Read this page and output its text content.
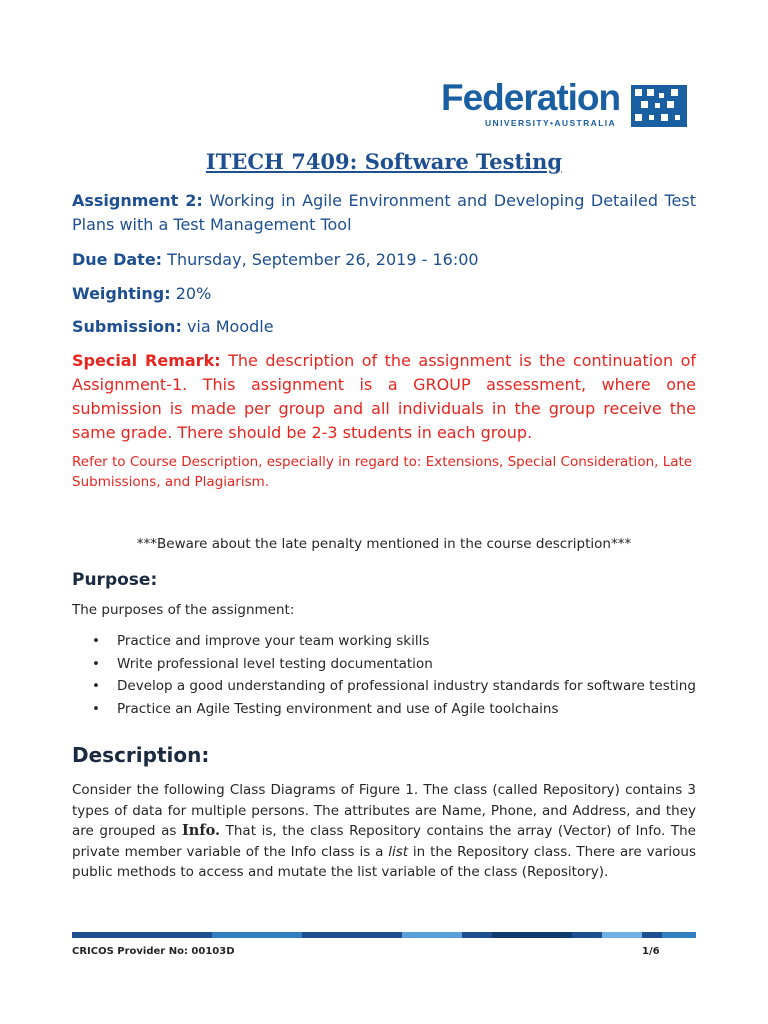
Federation
UNIVERSITY•AUSTRALIA
ITECH 7409: Software Testing
Assignment 2: Working in Agile Environment and Developing Detailed Test Plans with a Test Management Tool
Due Date: Thursday, September 26, 2019 - 16:00
Weighting: 20%
Submission: via Moodle
Special Remark: The description of the assignment is the continuation of Assignment-1. This assignment is a GROUP assessment, where one submission is made per group and all individuals in the group receive the same grade. There should be 2-3 students in each group.
Refer to Course Description, especially in regard to: Extensions, Special Consideration, Late Submissions, and Plagiarism.
***Beware about the late penalty mentioned in the course description***
Purpose:
The purposes of the assignment:
• Practice and improve your team working skills
• Write professional level testing documentation
• Develop a good understanding of professional industry standards for software testing
• Practice an Agile Testing environment and use of Agile toolchains
Description:
Consider the following Class Diagrams of Figure 1. The class (called Repository) contains 3 types of data for multiple persons. The attributes are Name, Phone, and Address, and they are grouped as Info. That is, the class Repository contains the array (Vector) of Info. The private member variable of the Info class is a list in the Repository class. There are various public methods to access and mutate the list variable of the class (Repository).
CRICOS Provider No: 00103D	1/6
